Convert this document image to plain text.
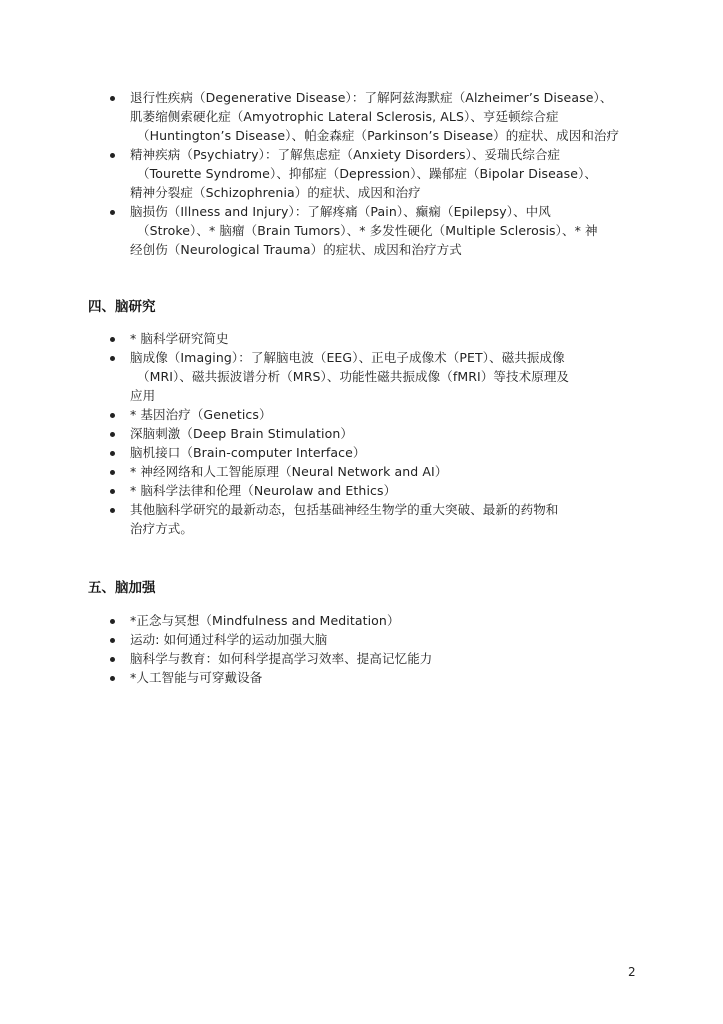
退行性疾病（Degenerative Disease）：了解阿兹海默症（Alzheimer’s Disease）、
肌萎缩侧索硬化症（Amyotrophic Lateral Sclerosis, ALS）、亨廷顿综合症
（Huntington’s Disease）、帕金森症（Parkinson’s Disease）的症状、成因和治疗
精神疾病（Psychiatry）：了解焦虑症（Anxiety Disorders）、妥瑞氏综合症
（Tourette Syndrome）、抑郁症（Depression）、躁郁症（Bipolar Disease）、
精神分裂症（Schizophrenia）的症状、成因和治疗
脑损伤（Illness and Injury）：了解疼痛（Pain）、癫痫（Epilepsy）、中风
（Stroke）、* 脑瘤（Brain Tumors）、* 多发性硬化（Multiple Sclerosis）、* 神
经创伤（Neurological Trauma）的症状、成因和治疗方式
四、脑研究
* 脑科学研究简史
脑成像（Imaging）：了解脑电波（EEG）、正电子成像术（PET）、磁共振成像
（MRI）、磁共振波谱分析（MRS）、功能性磁共振成像（fMRI）等技术原理及
应用
* 基因治疗（Genetics）
深脑刺激（Deep Brain Stimulation）
脑机接口（Brain-computer Interface）
* 神经网络和人工智能原理（Neural Network and AI）
* 脑科学法律和伦理（Neurolaw and Ethics）
其他脑科学研究的最新动态，包括基础神经生物学的重大突破、最新的药物和
治疗方式。
五、脑加强
*正念与冥想（Mindfulness and Meditation）
运动: 如何通过科学的运动加强大脑
脑科学与教育：如何科学提高学习效率、提高记忆能力
*人工智能与可穿戴设备
2
